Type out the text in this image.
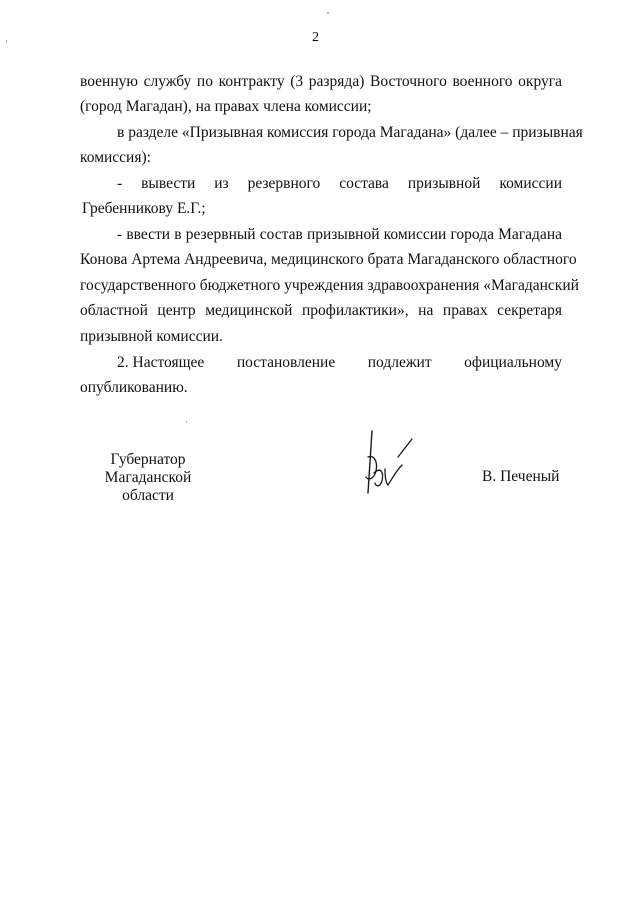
2
военную службу по контракту (3 разряда) Восточного военного округа
(город Магадан), на правах члена комиссии;
в разделе «Призывная комиссия города Магадана» (далее – призывная
комиссия):
- вывести из резервного состава призывной комиссии
Гребенникову Е.Г.;
- ввести в резервный состав призывной комиссии города Магадана
Конова Артема Андреевича, медицинского брата Магаданского областного
государственного бюджетного учреждения здравоохранения «Магаданский
областной центр медицинской профилактики», на правах секретаря
призывной комиссии.
2. Настоящее постановление подлежит официальному
опубликованию.
Губернатор
Магаданской области
В. Печеный
